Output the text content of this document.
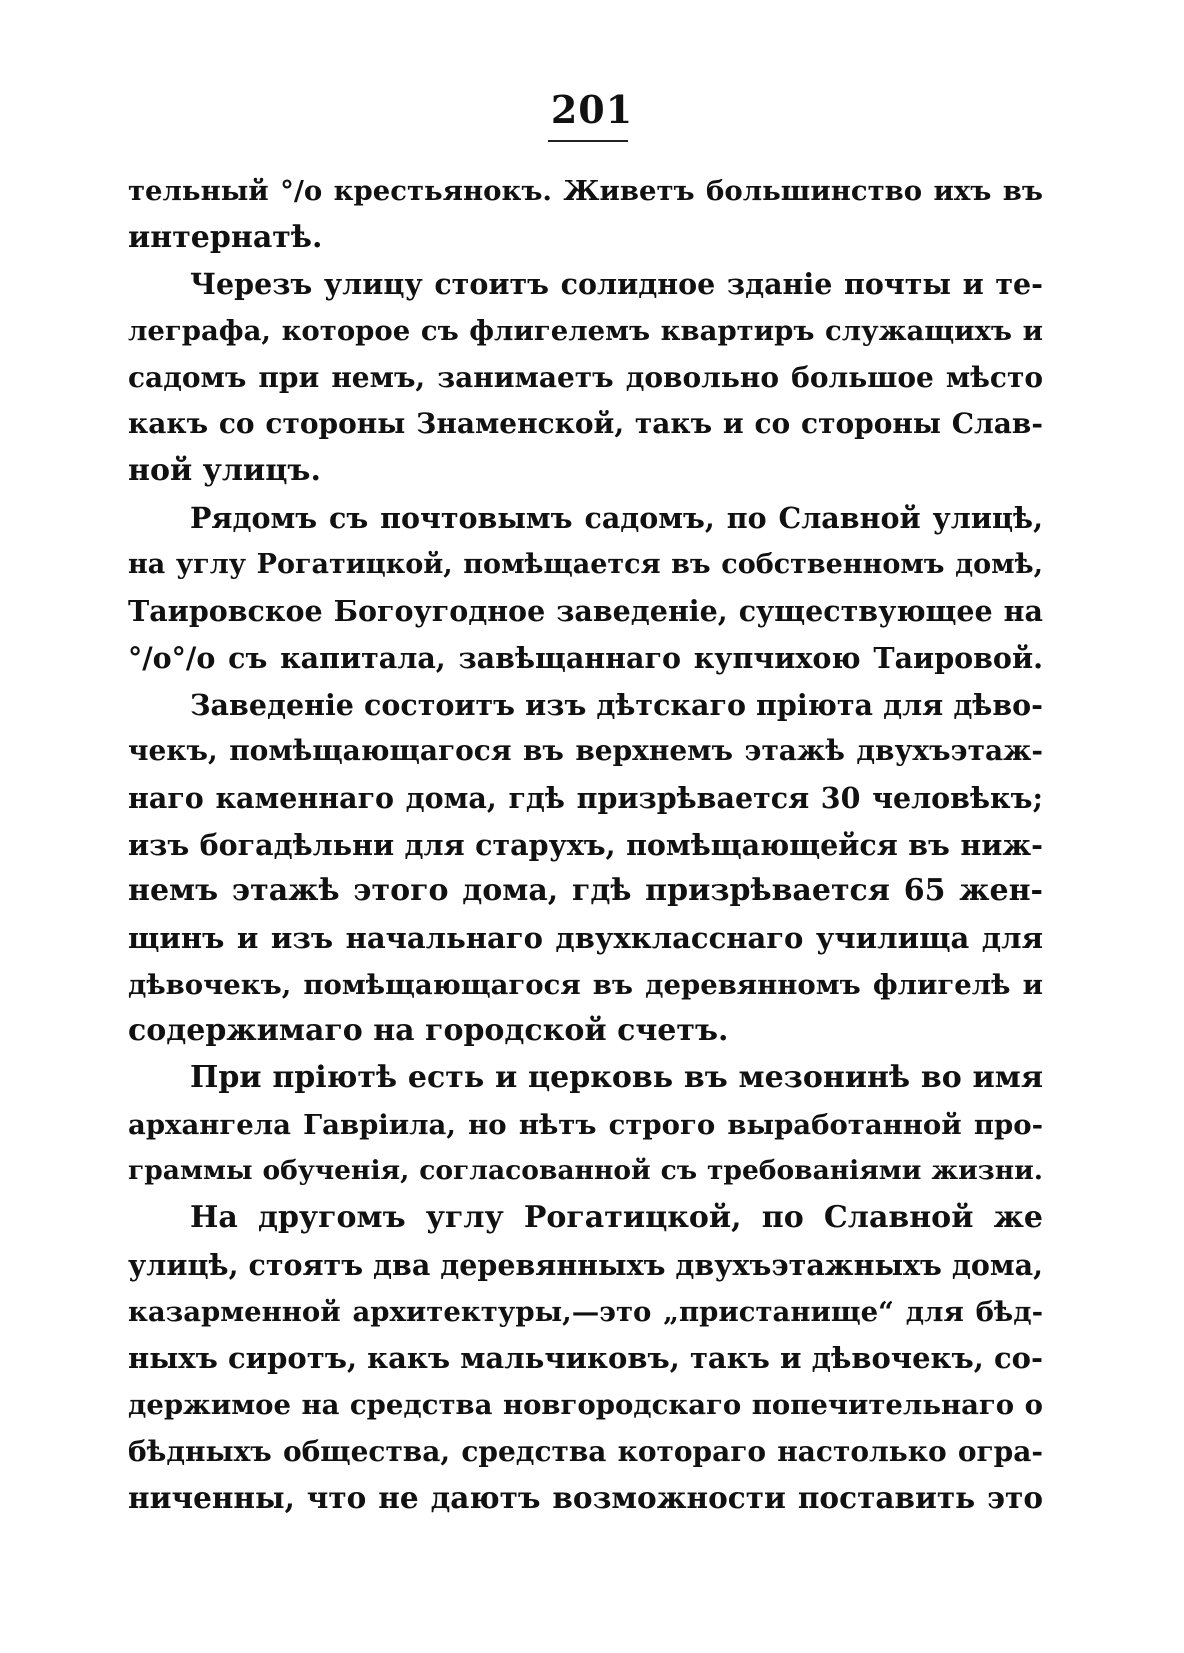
201
тельный °/о крестьянокъ. Живетъ большинство ихъ въ
интернатѣ.
Черезъ улицу стоитъ солидное зданіе почты и те-
леграфа, которое съ флигелемъ квартиръ служащихъ и
садомъ при немъ, занимаетъ довольно большое мѣсто
какъ со стороны Знаменской, такъ и со стороны Слав-
ной улицъ.
Рядомъ съ почтовымъ садомъ, по Славной улицѣ,
на углу Рогатицкой, помѣщается въ собственномъ домѣ,
Таировское Богоугодное заведеніе, существующее на
°/о°/о съ капитала, завѣщаннаго купчихою Таировой.
Заведеніе состоитъ изъ дѣтскаго пріюта для дѣво-
чекъ, помѣщающагося въ верхнемъ этажѣ двухъэтаж-
наго каменнаго дома, гдѣ призрѣвается 30 человѣкъ;
изъ богадѣльни для старухъ, помѣщающейся въ ниж-
немъ этажѣ этого дома, гдѣ призрѣвается 65 жен-
щинъ и изъ начальнаго двухкласснаго училища для
дѣвочекъ, помѣщающагося въ деревянномъ флигелѣ и
содержимаго на городской счетъ.
При пріютѣ есть и церковь въ мезонинѣ во имя
архангела Гавріила, но нѣтъ строго выработанной про-
граммы обученія, согласованной съ требованіями жизни.
На другомъ углу Рогатицкой, по Славной же
улицѣ, стоятъ два деревянныхъ двухъэтажныхъ дома,
казарменной архитектуры,—это „пристанище“ для бѣд-
ныхъ сиротъ, какъ мальчиковъ, такъ и дѣвочекъ, со-
держимое на средства новгородскаго попечительнаго о
бѣдныхъ общества, средства котораго настолько огра-
ниченны, что не даютъ возможности поставить это
